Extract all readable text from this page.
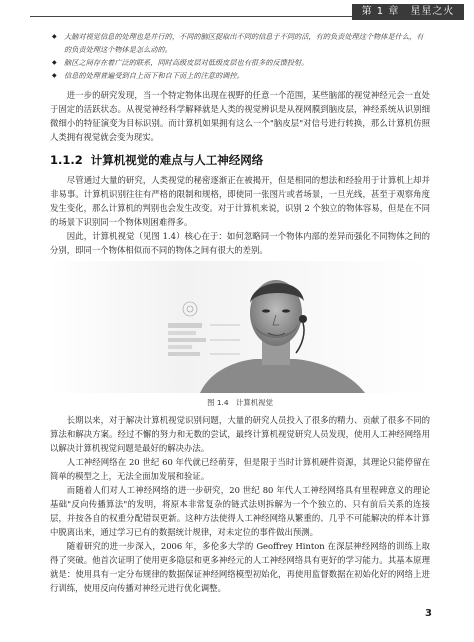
第 1 章　星星之火
◆ 大脑对视觉信息的处理也是并行的，不同的脑区提取出不同的信息于不同的活，有的负责处理这个物体是什么，有的负责处理这个物体是怎么动的。
◆ 脑区之间存在着广泛的联系，同时高级皮层对低级皮层也有很多的反馈投射。
◆ 信息的处理普遍受到自上而下和自下而上的注意的调控。

进一步的研究发现，当一个特定物体出现在视野的任意一个范围，某些脑部的视觉神经元会一直处于固定的活跃状态。从视觉神经科学解释就是人类的视觉辨识是从视网膜到脑皮层，神经系统从识别细微细小的特征演变为目标识别。而计算机如果拥有这么一个"脑皮层"对信号进行转换，那么计算机仿照人类拥有视觉就会变为现实。

1.1.2 计算机视觉的难点与人工神经网络

尽管通过大量的研究，人类视觉的秘密逐渐正在被揭开，但是相同的想法和经验用于计算机上却并非易事。计算机识别往往有严格的限制和规格，即使同一张图片或者场景，一旦光线，甚至于观察角度发生变化，那么计算机的判别也会发生改变。对于计算机来说，识别 2 个独立的物体容易，但是在不同的场景下识别同一个物体则困难得多。

因此，计算机视觉（见图 1.4）核心在于：如何忽略同一个物体内部的差异而强化不同物体之间的分别，即同一个物体相似而不同的物体之间有很大的差别。

图 1.4　计算机视觉

长期以来，对于解决计算机视觉识别问题，大量的研究人员投入了很多的精力、贡献了很多不同的算法和解决方案。经过不懈的努力和无数的尝试，最终计算机视觉研究人员发现，使用人工神经网络用以解决计算机视觉问题是最好的解决办法。

人工神经网络在 20 世纪 60 年代就已经萌芽，但是限于当时计算机硬件资源，其理论只能停留在简单的模型之上，无法全面加发展和验证。

而随着人们对人工神经网络的进一步研究，20 世纪 80 年代人工神经网络具有里程碑意义的理论基础"反向传播算法"的发明，将原本非常复杂的链式法则拆解为一个个独立的、只有前后关系的连接层，并按各自的权重分配错误更新。这种方法使得人工神经网络从繁重的、几乎不可能解决的样本计算中脱离出来，通过学习已有的数据统计规律，对未定位的事件做出预测。

随着研究的进一步深入，2006 年，多伦多大学的 Geoffrey Hinton 在深层神经网络的训练上取得了突破。他首次证明了使用更多隐层和更多神经元的人工神经网络具有更好的学习能力。其基本原理就是：使用具有一定分布规律的数据保证神经网络模型初始化，再使用监督数据在初始化好的网络上进行训练，使用反向传播对神经元进行优化调整。

3
